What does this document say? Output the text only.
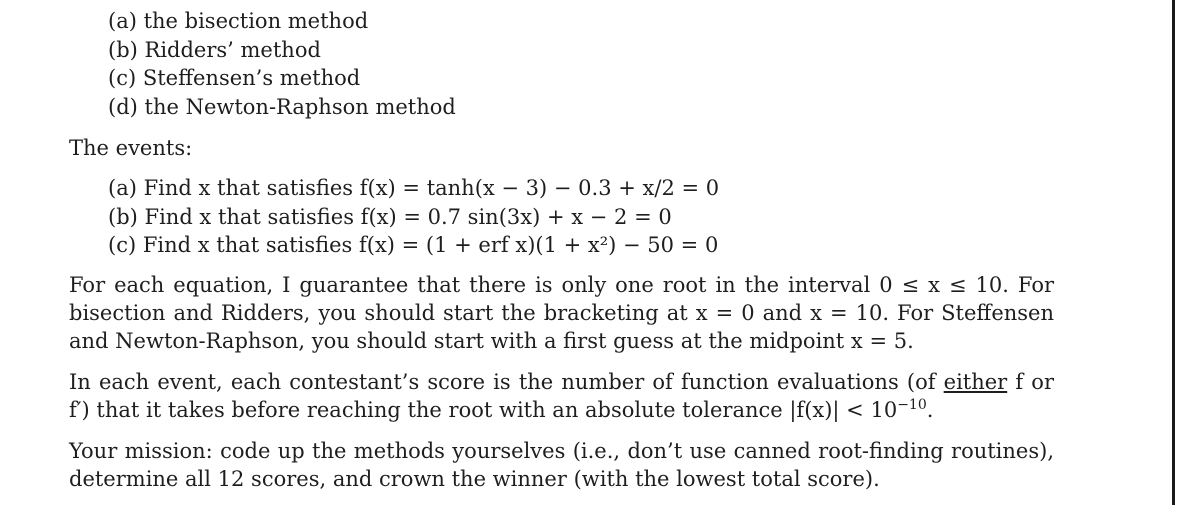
(a) the bisection method
(b) Ridders’ method
(c) Steffensen’s method
(d) the Newton-Raphson method
The events:
(a) Find x that satisfies f(x) = tanh(x − 3) − 0.3 + x/2 = 0
(b) Find x that satisfies f(x) = 0.7 sin(3x) + x − 2 = 0
(c) Find x that satisfies f(x) = (1 + erf x)(1 + x²) − 50 = 0

For each equation, I guarantee that there is only one root in the interval 0 ≤ x ≤ 10. For bisection and Ridders, you should start the bracketing at x = 0 and x = 10. For Steffensen and Newton-Raphson, you should start with a first guess at the midpoint x = 5.

In each event, each contestant’s score is the number of function evaluations (of either f or f′) that it takes before reaching the root with an absolute tolerance $|f(x)| < 10^{-10}$.

Your mission: code up the methods yourselves (i.e., don’t use canned root-finding routines), determine all 12 scores, and crown the winner (with the lowest total score).
